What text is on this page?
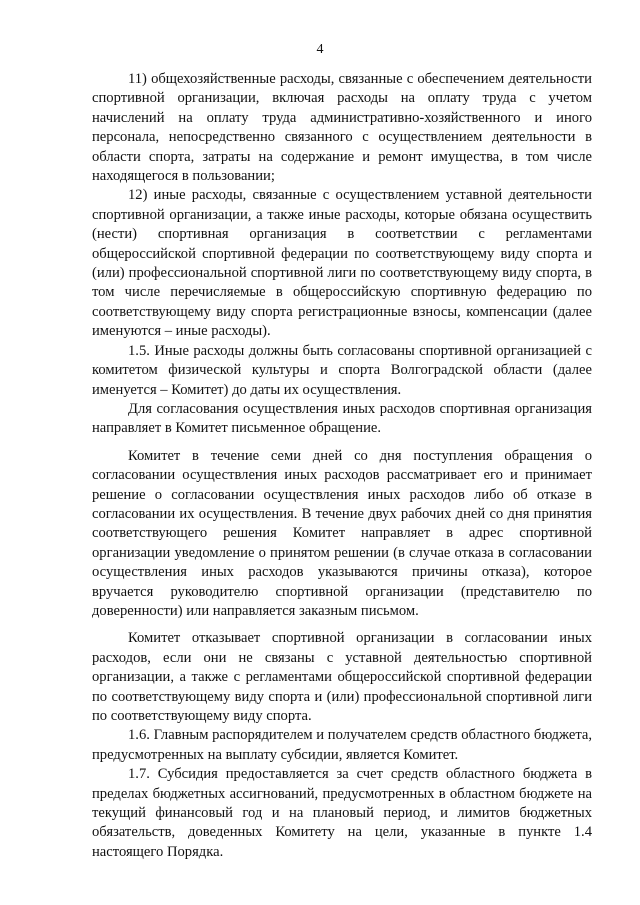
4

11) общехозяйственные расходы, связанные с обеспечением деятельности спортивной организации, включая расходы на оплату труда с учетом начислений на оплату труда административно-хозяйственного и иного персонала, непосредственно связанного с осуществлением деятельности в области спорта, затраты на содержание и ремонт имущества, в том числе находящегося в пользовании;

12) иные расходы, связанные с осуществлением уставной деятельности спортивной организации, а также иные расходы, которые обязана осуществить (нести) спортивная организация в соответствии с регламентами общероссийской спортивной федерации по соответствующему виду спорта и (или) профессиональной спортивной лиги по соответствующему виду спорта, в том числе перечисляемые в общероссийскую спортивную федерацию по соответствующему виду спорта регистрационные взносы, компенсации (далее именуются – иные расходы).

1.5. Иные расходы должны быть согласованы спортивной организацией с комитетом физической культуры и спорта Волгоградской области (далее именуется – Комитет) до даты их осуществления.

Для согласования осуществления иных расходов спортивная организация направляет в Комитет письменное обращение.

Комитет в течение семи дней со дня поступления обращения о согласовании осуществления иных расходов рассматривает его и принимает решение о согласовании осуществления иных расходов либо об отказе в согласовании их осуществления. В течение двух рабочих дней со дня принятия соответствующего решения Комитет направляет в адрес спортивной организации уведомление о принятом решении (в случае отказа в согласовании осуществления иных расходов указываются причины отказа), которое вручается руководителю спортивной организации (представителю по доверенности) или направляется заказным письмом.

Комитет отказывает спортивной организации в согласовании иных расходов, если они не связаны с уставной деятельностью спортивной организации, а также с регламентами общероссийской спортивной федерации по соответствующему виду спорта и (или) профессиональной спортивной лиги по соответствующему виду спорта.

1.6. Главным распорядителем и получателем средств областного бюджета, предусмотренных на выплату субсидии, является Комитет.

1.7. Субсидия предоставляется за счет средств областного бюджета в пределах бюджетных ассигнований, предусмотренных в областном бюджете на текущий финансовый год и на плановый период, и лимитов бюджетных обязательств, доведенных Комитету на цели, указанные в пункте 1.4 настоящего Порядка.
